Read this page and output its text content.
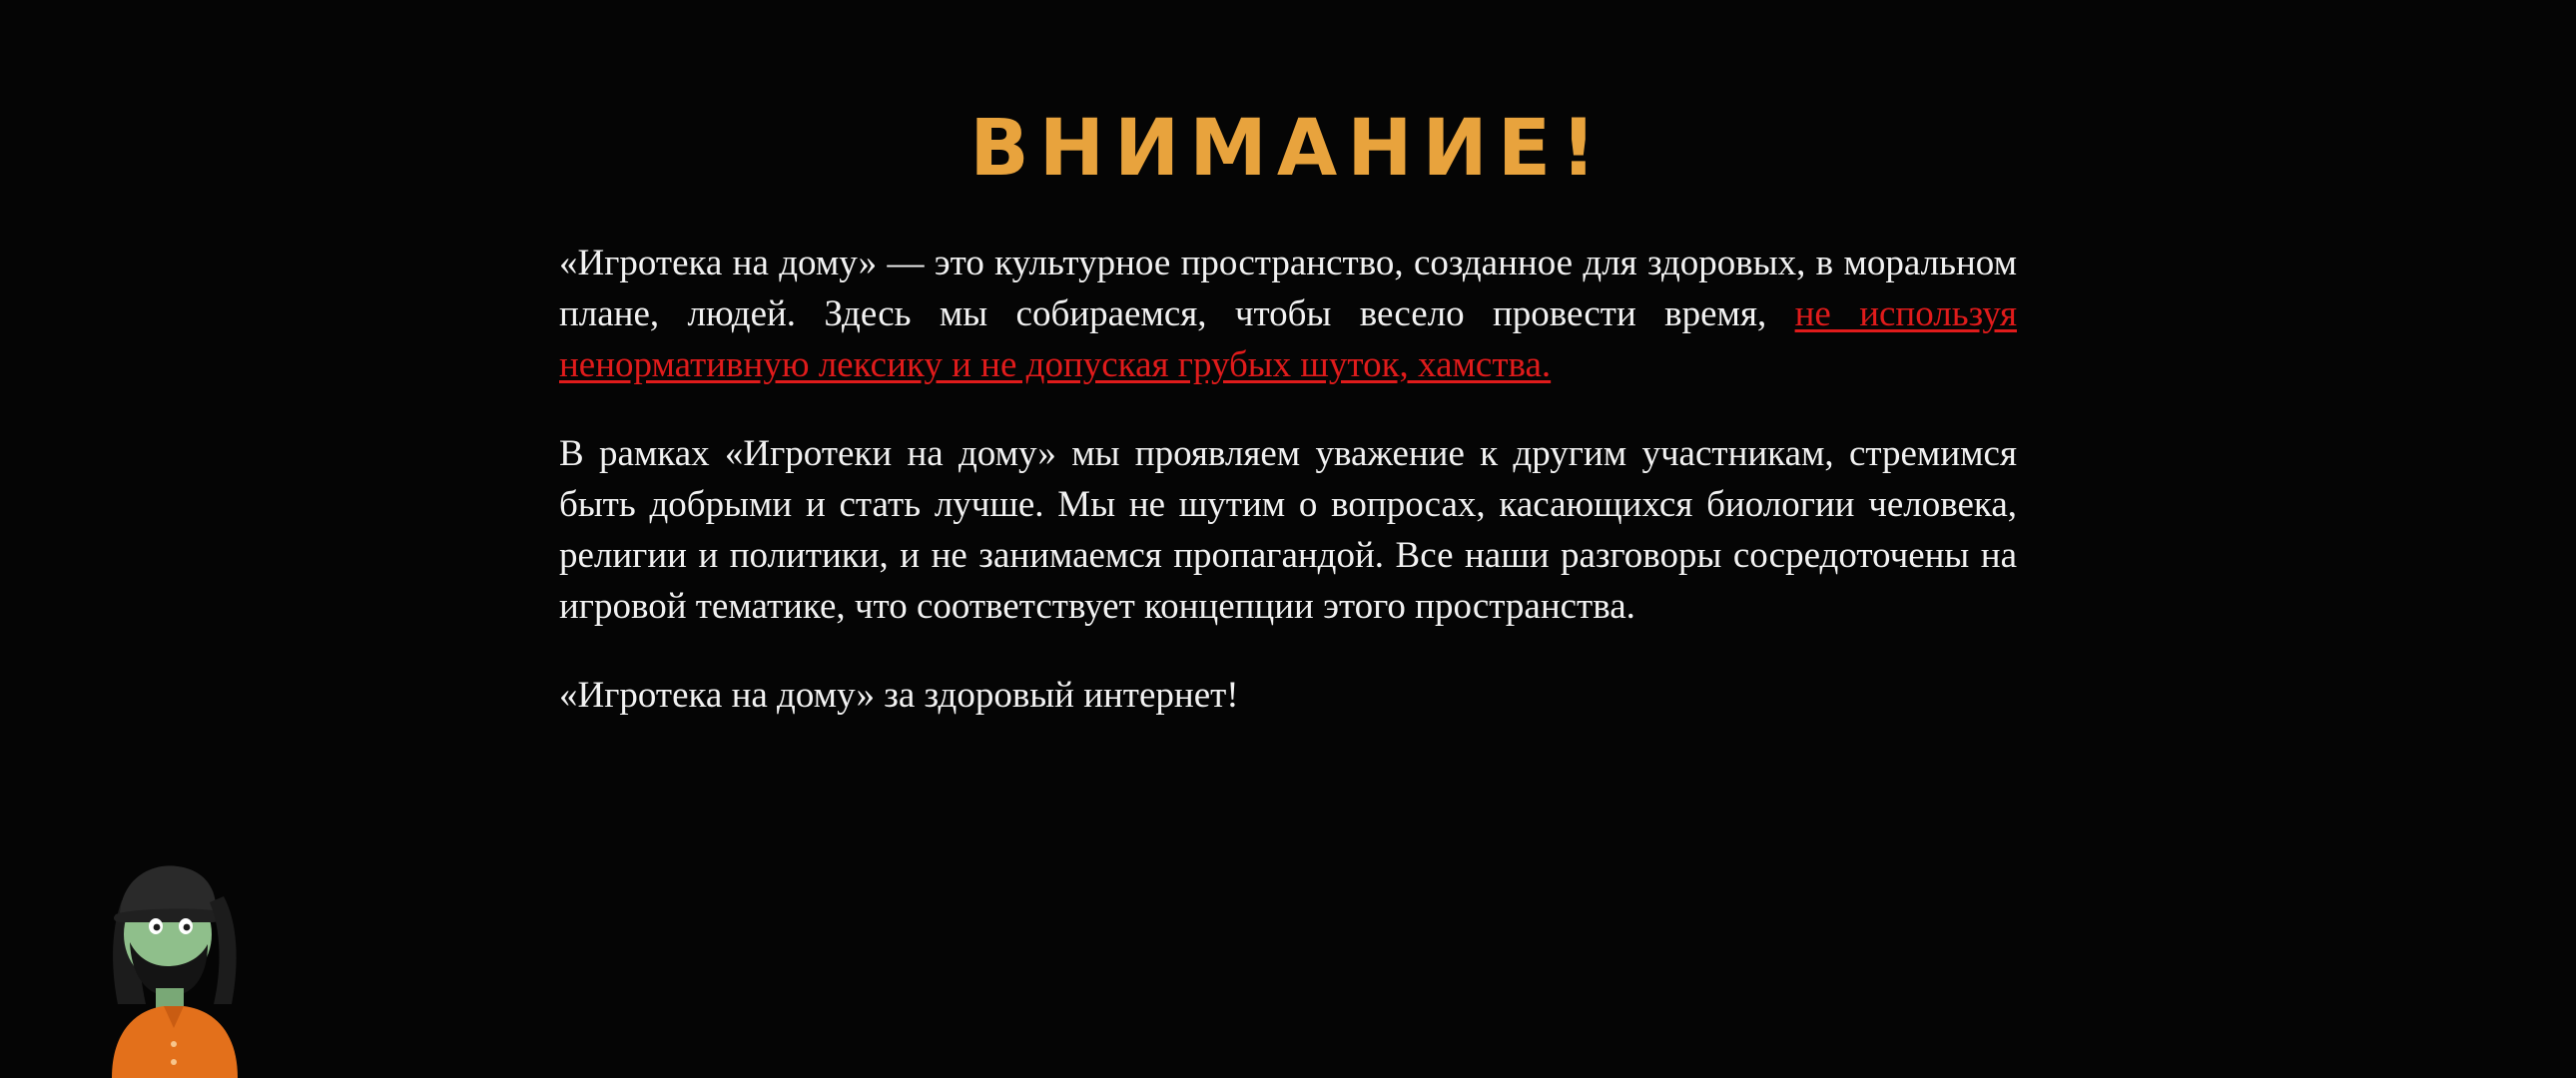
ВНИМАНИЕ!

«Игротека на дому» — это культурное пространство, созданное для здоровых, в моральном плане, людей. Здесь мы собираемся, чтобы весело провести время, не используя ненормативную лексику и не допуская грубых шуток, хамства.

В рамках «Игротеки на дому» мы проявляем уважение к другим участникам, стремимся быть добрыми и стать лучше. Мы не шутим о вопросах, касающихся биологии человека, религии и политики, и не занимаемся пропагандой. Все наши разговоры сосредоточены на игровой тематике, что соответствует концепции этого пространства.

«Игротека на дому» за здоровый интернет!
